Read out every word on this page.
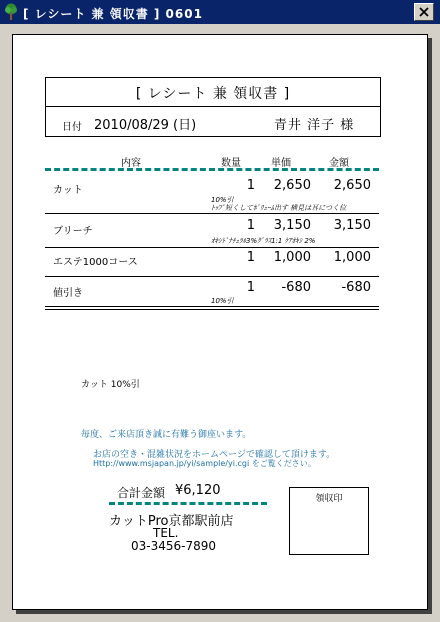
[ レシート 兼 領収書 ] 0601
[ レシート 兼 領収書 ]
日付 2010/08/29 (日)	青井 洋子 様
内容	数量	単価	金額
カット	1	2,650	2,650
10%引
ﾄｯﾌﾟ短くしてﾎﾞﾘｭｰﾑ出す 横見は耳につく位
ブリーチ	1	3,150	3,150
ｵｷｼﾄﾞﾅﾁｭﾗﾙ3%ｸﾞﾗｽ1:1 ｹｱｵｷｼ 2%
エステ1000コース	1	1,000	1,000
値引き	1	-680	-680
10%引
カット 10%引
毎度、ご来店頂き誠に有難う御座います。
お店の空き・混雑状況をホームページで確認して頂けます。
Http://www.msjapan.jp/yi/sample/yi.cgi をご覧ください。
合計金額 ¥6,120
カットPro京都駅前店
TEL.
03-3456-7890
領収印
